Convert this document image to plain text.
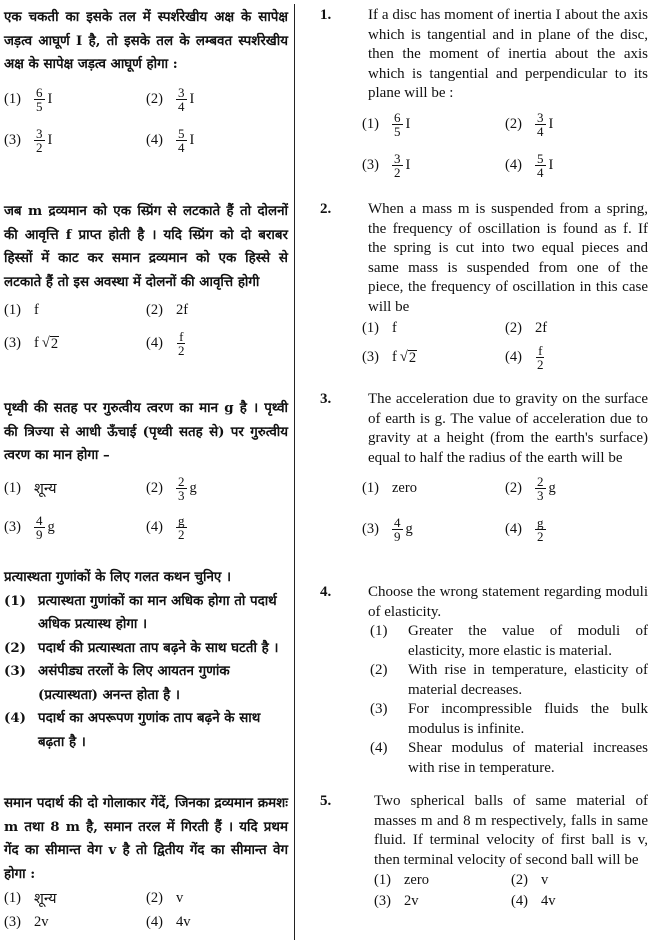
एक चकती का इसके तल में स्पर्शरेखीय अक्ष के सापेक्ष जड़त्व आघूर्ण I है, तो इसके तल के लम्बवत स्पर्शरेखीय अक्ष के सापेक्ष जड़त्व आघूर्ण होगा :
(1)	$\frac{6}{5}$ I	(2)	$\frac{3}{4}$ I
(3)	$\frac{3}{2}$ I	(4)	$\frac{5}{4}$ I
जब m द्रव्यमान को एक स्प्रिंग से लटकाते हैं तो दोलनों की आवृत्ति f प्राप्त होती है । यदि स्प्रिंग को दो बराबर हिस्सों में काट कर समान द्रव्यमान को एक हिस्से से लटकाते हैं तो इस अवस्था में दोलनों की आवृत्ति होगी
(1) f	(2) 2f
(3) f √ 2	(4)	$\frac{f}{2}$
पृथ्वी की सतह पर गुरुत्वीय त्वरण का मान g है । पृथ्वी की त्रिज्या से आधी ऊँचाई (पृथ्वी सतह से) पर गुरुत्वीय त्वरण का मान होगा –
(1) शून्य	(2)	$\frac{2}{3}$ g
(3)	$\frac{4}{9}$ g	(4)	$\frac{g}{2}$
प्रत्यास्थता गुणांकों के लिए गलत कथन चुनिए ।
(1) प्रत्यास्थता गुणांकों का मान अधिक होगा तो पदार्थ अधिक प्रत्यास्थ होगा ।
(2) पदार्थ की प्रत्यास्थता ताप बढ़ने के साथ घटती है ।
(3) असंपीड्य तरलों के लिए आयतन गुणांक (प्रत्यास्थता) अनन्त होता है ।
(4) पदार्थ का अपरूपण गुणांक ताप बढ़ने के साथ बढ़ता है ।
समान पदार्थ की दो गोलाकार गेंदें, जिनका द्रव्यमान क्रमशः m तथा 8 m है, समान तरल में गिरती हैं । यदि प्रथम गेंद का सीमान्त वेग v है तो द्वितीय गेंद का सीमान्त वेग होगा :
(1) शून्य	(2) v
(3) 2v	(4) 4v
1. If a disc has moment of inertia I about the axis which is tangential and in plane of the disc, then the moment of inertia about the axis which is tangential and perpendicular to its plane will be :
(1)	$\frac{6}{5}$ I	(2)	$\frac{3}{4}$ I
(3)	$\frac{3}{2}$ I	(4)	$\frac{5}{4}$ I
2. When a mass m is suspended from a spring, the frequency of oscillation is found as f. If the spring is cut into two equal pieces and same mass is suspended from one of the piece, the frequency of oscillation in this case will be
(1) f	(2) 2f
(3) f √ 2	(4)	$\frac{f}{2}$
3. The acceleration due to gravity on the surface of earth is g. The value of acceleration due to gravity at a height (from the earth's surface) equal to half the radius of the earth will be
(1) zero	(2)	$\frac{2}{3}$ g
(3)	$\frac{4}{9}$ g	(4)	$\frac{g}{2}$
4. Choose the wrong statement regarding moduli of elasticity.
(1)	Greater the value of moduli of elasticity, more elastic is material.
(2)	With rise in temperature, elasticity of material decreases.
(3)	For incompressible fluids the bulk modulus is infinite.
(4)	Shear modulus of material increases with rise in temperature.
5.	Two spherical balls of same material of masses m and 8 m respectively, falls in same fluid. If terminal velocity of first ball is v, then terminal velocity of second ball will be
(1) zero	(2) v
(3) 2v	(4) 4v
